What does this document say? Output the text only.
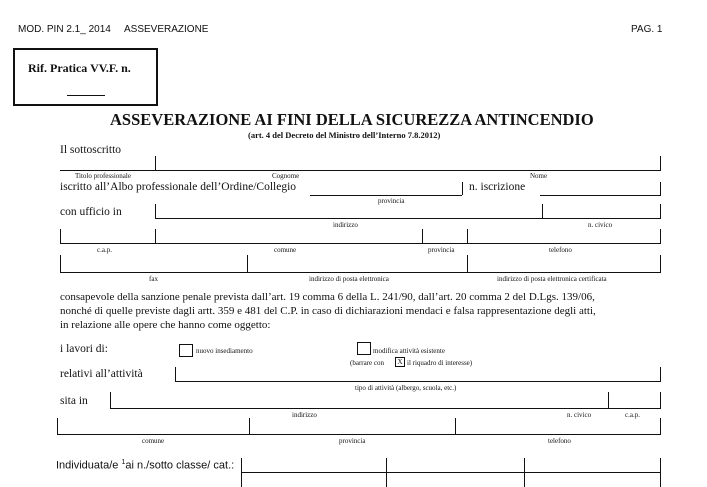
MOD. PIN 2.1_ 2014 ASSEVERAZIONE	PAG. 1
Rif. Pratica VV.F. n.
ASSEVERAZIONE AI FINI DELLA SICUREZZA ANTINCENDIO
(art. 4 del Decreto del Ministro dell’Interno 7.8.2012)
Il sottoscritto
Titolo professionale	Cognome	Nome
iscritto all’Albo professionale dell’Ordine/Collegio	n. iscrizione
provincia
con ufficio in
indirizzo	n. civico
c.a.p.	comune	provincia	telefono
fax	indirizzo di posta elettronica	indirizzo di posta elettronica certificata
consapevole della sanzione penale prevista dall’art. 19 comma 6 della L. 241/90, dall’art. 20 comma 2 del D.Lgs. 139/06,
nonché di quelle previste dagli artt. 359 e 481 del C.P. in caso di dichiarazioni mendaci e falsa rappresentazione degli atti,
in relazione alle opere che hanno come oggetto:
i lavori di:	nuovo insediamento	modifica attività esistente
(barrare con	X il riquadro di interesse)
relativi all’attività
tipo di attività (albergo, scuola, etc.)
sita in
indirizzo	n. civico	c.a.p.
comune	provincia	telefono
Individuata/e $^1$ai n./sotto classe/ cat.:
